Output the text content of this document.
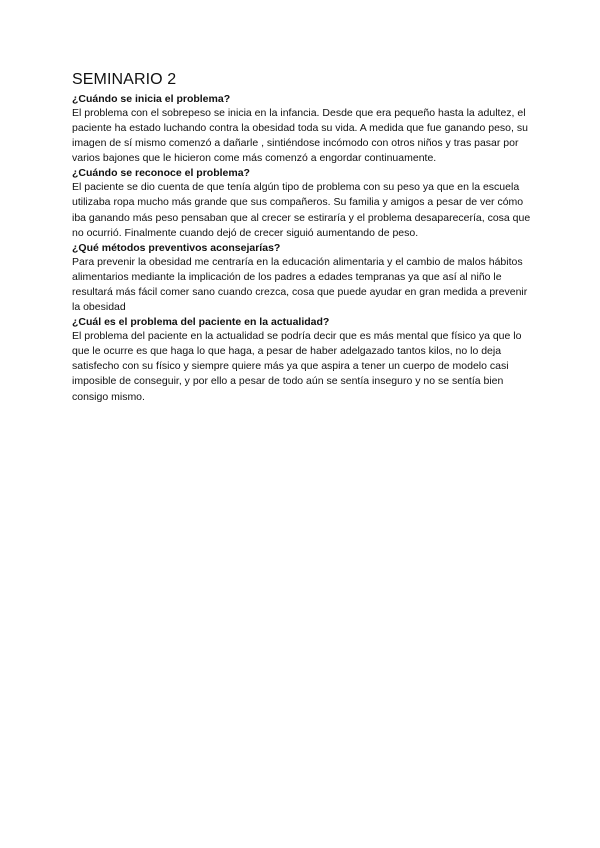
SEMINARIO 2

¿Cuándo se inicia el problema?

El problema con el sobrepeso se inicia en la infancia. Desde que era pequeño hasta la adultez, el paciente ha estado luchando contra la obesidad toda su vida. A medida que fue ganando peso, su imagen de sí mismo comenzó a dañarle , sintiéndose incómodo con otros niños y tras pasar por varios bajones que le hicieron come más comenzó a engordar continuamente.

¿Cuándo se reconoce el problema?

El paciente se dio cuenta de que tenía algún tipo de problema con su peso ya que en la escuela utilizaba ropa mucho más grande que sus compañeros. Su familia y amigos a pesar de ver cómo iba ganando más peso pensaban que al crecer se estiraría y el problema desaparecería, cosa que no ocurrió. Finalmente cuando dejó de crecer siguió aumentando de peso.

¿Qué métodos preventivos aconsejarías?

Para prevenir la obesidad me centraría en la educación alimentaria y el cambio de malos hábitos alimentarios mediante la implicación de los padres a edades tempranas ya que así al niño le resultará más fácil comer sano cuando crezca, cosa que puede ayudar en gran medida a prevenir la obesidad

¿Cuál es el problema del paciente en la actualidad?

El problema del paciente en la actualidad se podría decir que es más mental que físico ya que lo que le ocurre es que haga lo que haga, a pesar de haber adelgazado tantos kilos, no lo deja satisfecho con su físico y siempre quiere más ya que aspira a tener un cuerpo de modelo casi imposible de conseguir, y por ello a pesar de todo aún se sentía inseguro y no se sentía bien consigo mismo.
